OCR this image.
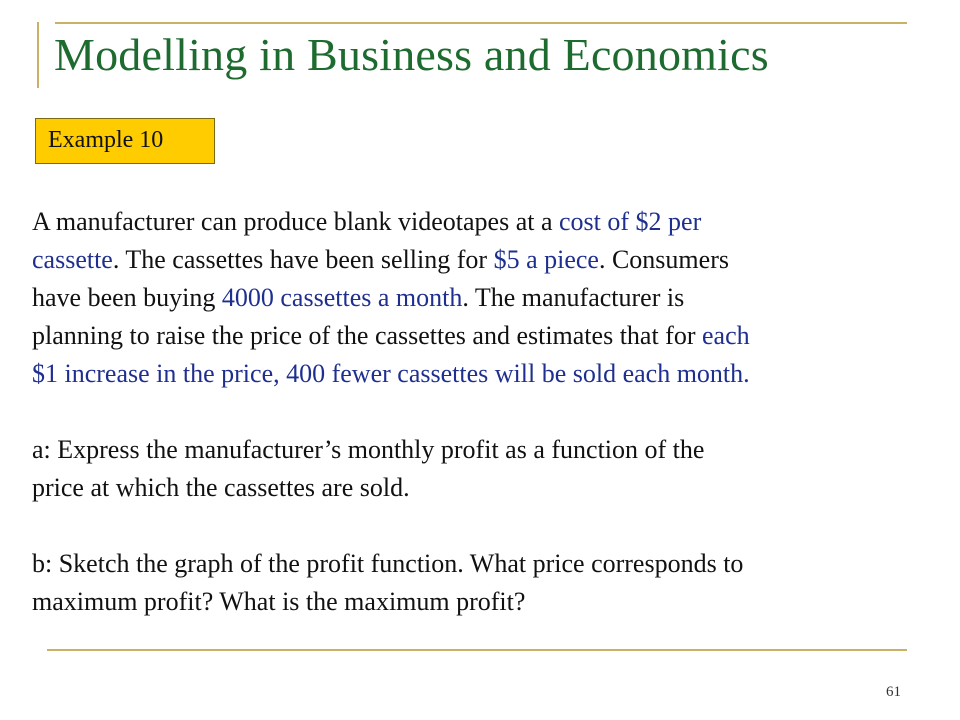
Modelling in Business and Economics
Example 10
A manufacturer can produce blank videotapes at a cost of $2 per
cassette. The cassettes have been selling for $5 a piece. Consumers
have been buying 4000 cassettes a month. The manufacturer is
planning to raise the price of the cassettes and estimates that for each
$1 increase in the price, 400 fewer cassettes will be sold each month.

a: Express the manufacturer’s monthly profit as a function of the
price at which the cassettes are sold.

b: Sketch the graph of the profit function. What price corresponds to
maximum profit? What is the maximum profit?
61
